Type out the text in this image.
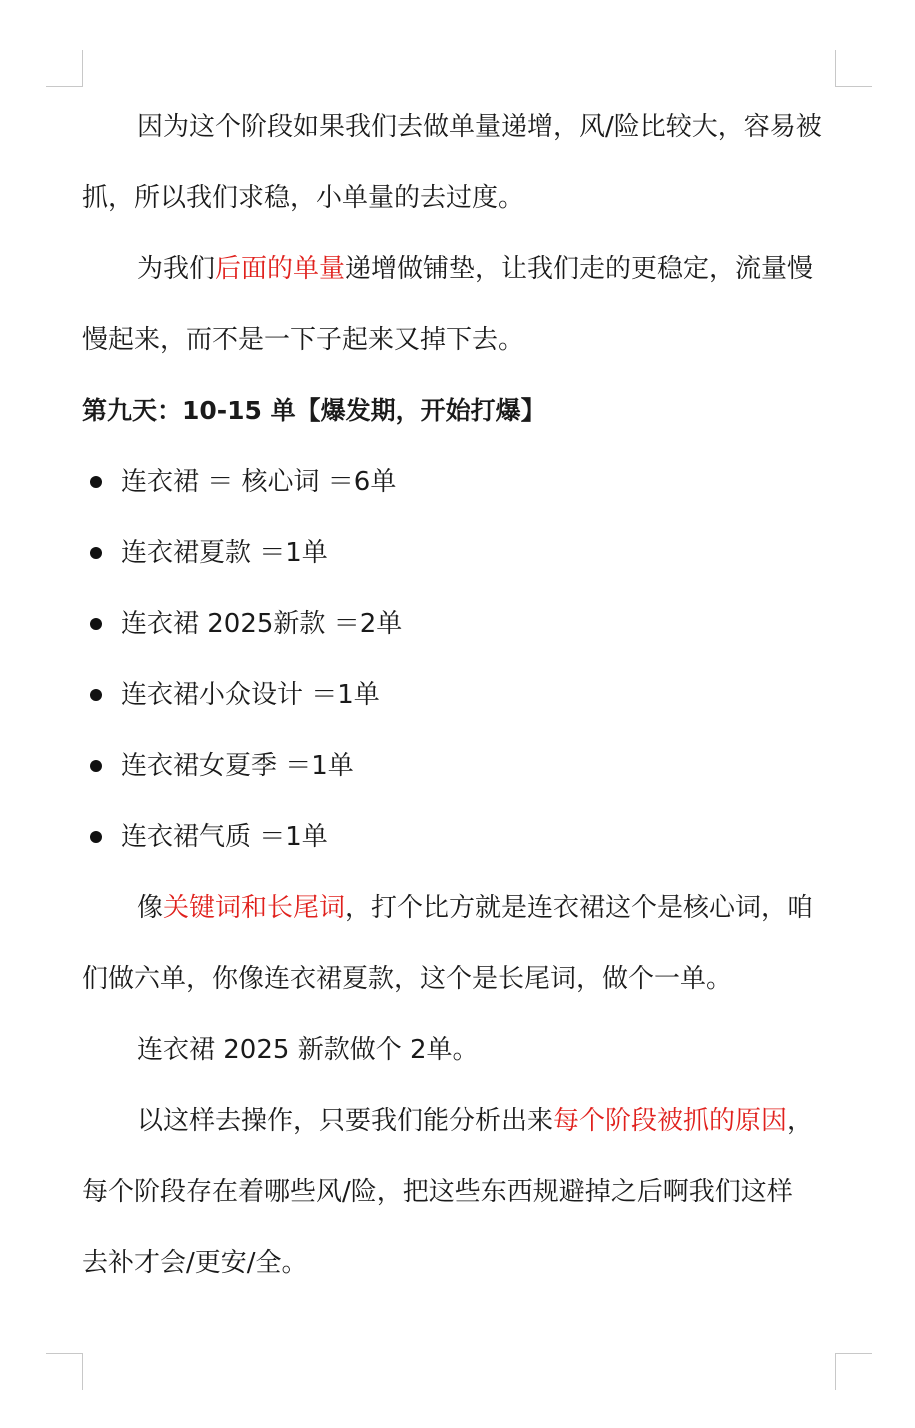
因为这个阶段如果我们去做单量递增，风/险比较大，容易被
抓，所以我们求稳，小单量的去过度。
为我们后面的单量递增做铺垫，让我们走的更稳定，流量慢
慢起来，而不是一下子起来又掉下去。
第九天：10-15 单【爆发期，开始打爆】
连衣裙 ＝ 核心词 ＝6单
连衣裙夏款 ＝1单
连衣裙 2025新款 ＝2单
连衣裙小众设计 ＝1单
连衣裙女夏季 ＝1单
连衣裙气质 ＝1单
像关键词和长尾词，打个比方就是连衣裙这个是核心词，咱
们做六单，你像连衣裙夏款，这个是长尾词，做个一单。
连衣裙 2025 新款做个 2单。
以这样去操作，只要我们能分析出来每个阶段被抓的原因，
每个阶段存在着哪些风/险，把这些东西规避掉之后啊我们这样
去补才会/更安/全。
